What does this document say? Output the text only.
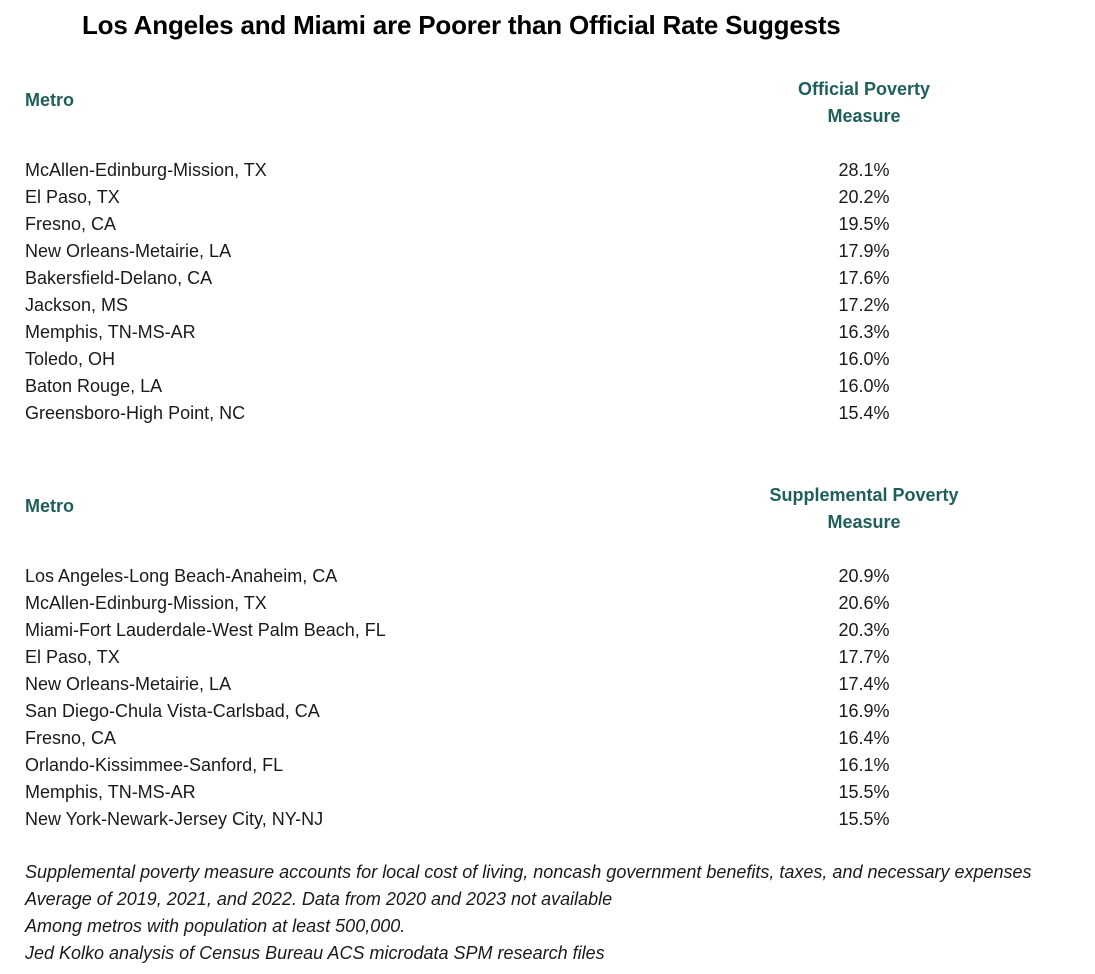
Los Angeles and Miami are Poorer than Official Rate Suggests
Metro
Official Poverty
Measure
McAllen-Edinburg-Mission, TX	28.1%
El Paso, TX	20.2%
Fresno, CA	19.5%
New Orleans-Metairie, LA	17.9%
Bakersfield-Delano, CA	17.6%
Jackson, MS	17.2%
Memphis, TN-MS-AR	16.3%
Toledo, OH	16.0%
Baton Rouge, LA	16.0%
Greensboro-High Point, NC	15.4%
Metro
Supplemental Poverty
Measure
Los Angeles-Long Beach-Anaheim, CA	20.9%
McAllen-Edinburg-Mission, TX	20.6%
Miami-Fort Lauderdale-West Palm Beach, FL	20.3%
El Paso, TX	17.7%
New Orleans-Metairie, LA	17.4%
San Diego-Chula Vista-Carlsbad, CA	16.9%
Fresno, CA	16.4%
Orlando-Kissimmee-Sanford, FL	16.1%
Memphis, TN-MS-AR	15.5%
New York-Newark-Jersey City, NY-NJ	15.5%
Supplemental poverty measure accounts for local cost of living, noncash government benefits, taxes, and necessary expenses
Average of 2019, 2021, and 2022. Data from 2020 and 2023 not available
Among metros with population at least 500,000.
Jed Kolko analysis of Census Bureau ACS microdata SPM research files
